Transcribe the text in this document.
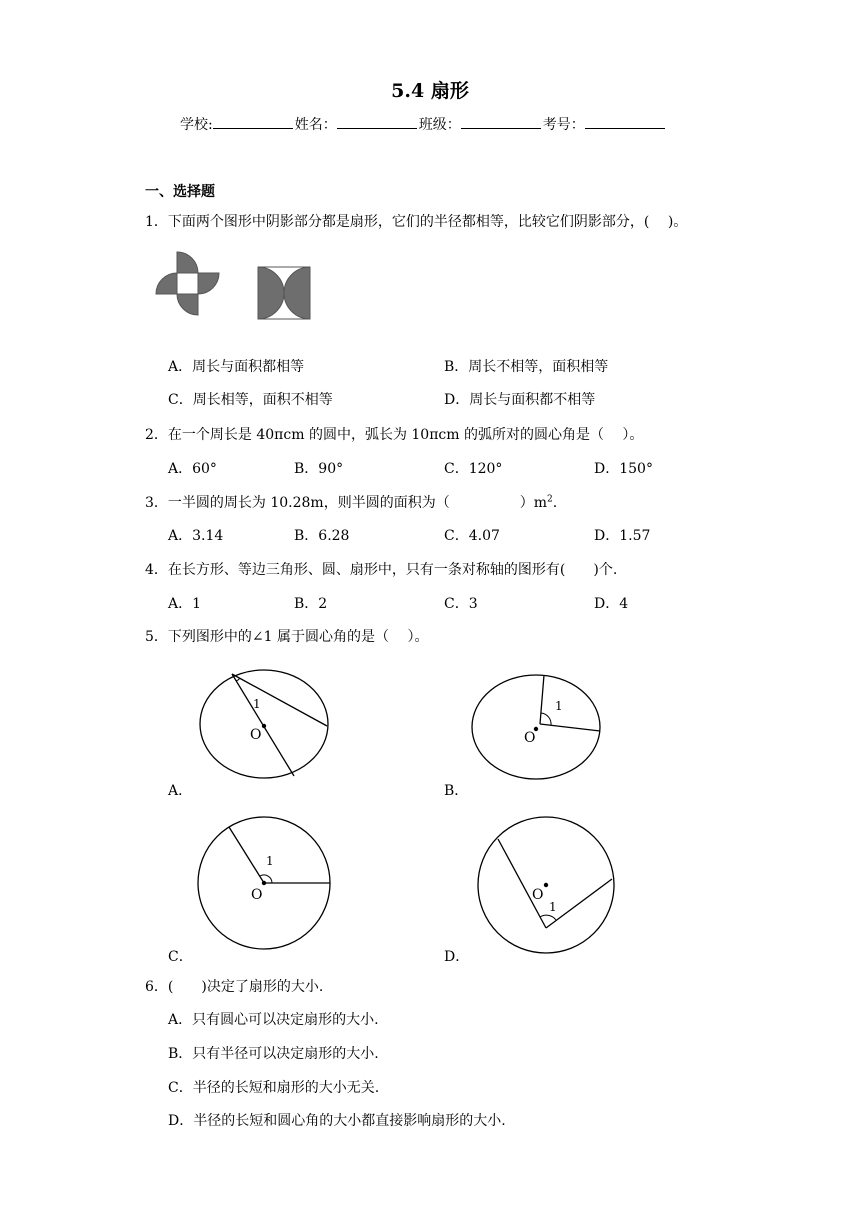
5.4 扇形
学校:	姓名：	班级：	考号：
一、选择题
1．下面两个图形中阴影部分都是扇形，它们的半径都相等，比较它们阴影部分，(　 )。
A．周长与面积都相等	B．周长不相等，面积相等
C．周长相等，面积不相等	D．周长与面积都不相等
2．在一个周长是 40πcm 的圆中，弧长为 10πcm 的弧所对的圆心角是（　 ）。
A．60°	B．90°	C．120°	D．150°
3．一半圆的周长为 10.28m，则半圆的面积为（　　　　　）$m^2$.
A．3.14	B．6.28	C．4.07	D．1.57
4．在长方形、等边三角形、圆、扇形中，只有一条对称轴的图形有(　　)个.
A．1	B．2	C．3	D．4
5．下列图形中的∠1 属于圆心角的是（　 ）。
O
1
A．
O
1
B．
O
1
C．
O
1
D．
6．(　　)决定了扇形的大小.
A．只有圆心可以决定扇形的大小.
B．只有半径可以决定扇形的大小.
C．半径的长短和扇形的大小无关.
D．半径的长短和圆心角的大小都直接影响扇形的大小.
